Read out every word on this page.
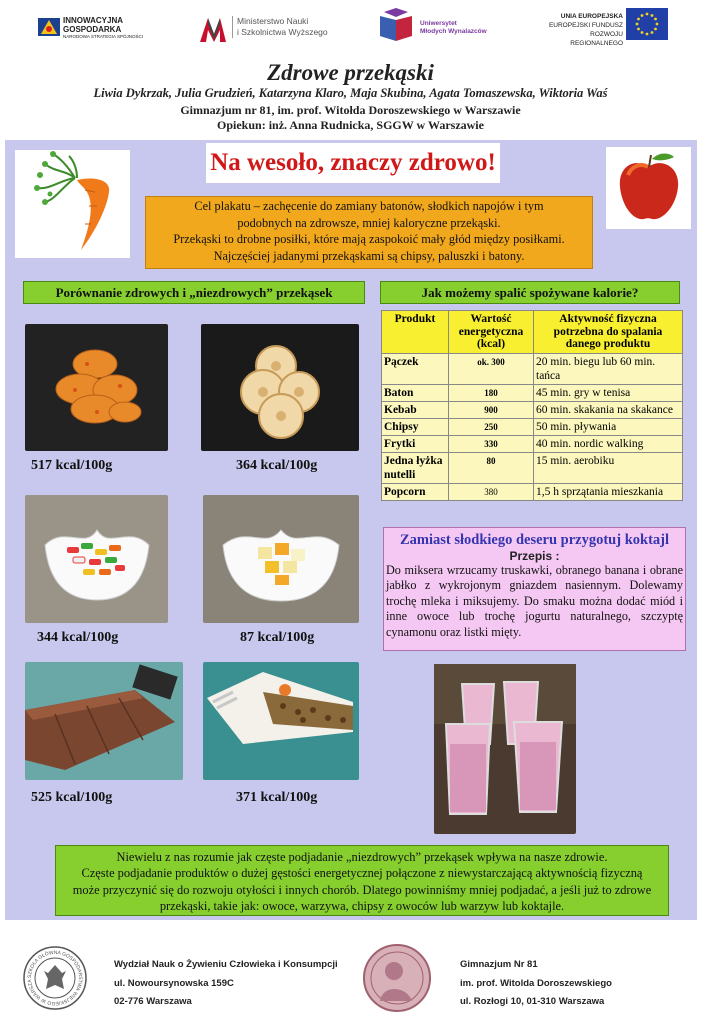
INNOWACYJNA
GOSPODARKA
NARODOWA STRATEGIA SPÓJNOŚCI
Ministerstwo Nauki
i Szkolnictwa Wyższego
Uniwersytet
Młodych Wynalazców
UNIA EUROPEJSKA
EUROPEJSKI FUNDUSZ
ROZWOJU REGIONALNEGO
Zdrowe przekąski
Liwia Dykrzak, Julia Grudzień, Katarzyna Klaro, Maja Skubina, Agata Tomaszewska, Wiktoria Waś
Gimnazjum nr 81, im. prof. Witołda Doroszewskiego w Warszawie
Opiekun: inż. Anna Rudnicka, SGGW w Warszawie
Na wesoło, znaczy zdrowo!
Cel plakatu – zachęcenie do zamiany batonów, słodkich napojów i tym
podobnych na zdrowsze, mniej kaloryczne przekąski.
Przekąski to drobne posiłki, które mają zaspokoić mały głód między posiłkami.
Najczęściej jadanymi przekąskami są chipsy, paluszki i batony.
Porównanie zdrowych i „niezdrowych” przekąsek	Jak możemy spalić spożywane kalorie?
517 kcal/100g	364 kcal/100g
344 kcal/100g	87 kcal/100g
525 kcal/100g	371 kcal/100g
Produkt	Wartość energetyczna (kcal)	Aktywność fizyczna potrzebna do spalania danego produktu
Pączek	ok. 300	20 min. biegu lub 60 min. tańca
Baton	180	45 min. gry w tenisa
Kebab	900	60 min. skakania na skakance
Chipsy	250	50 min. pływania
Frytki	330	40 min. nordic walking
Jedna łyżka nutelli	80	15 min. aerobiku
Popcorn	380	1,5 h sprzątania mieszkania
Zamiast słodkiego deseru przygotuj koktajl
Przepis :
Do miksera wrzucamy truskawki, obranego banana i obrane jabłko z wykrojonym gniazdem nasiennym. Dolewamy trochę mleka i miksujemy. Do smaku można dodać miód i inne owoce lub trochę jogurtu naturalnego, szczyptę cynamonu oraz listki mięty.
Niewielu z nas rozumie jak częste podjadanie „niezdrowych” przekąsek wpływa na nasze zdrowie.
Częste podjadanie produktów o dużej gęstości energetycznej połączone z niewystarczającą aktywnością fizyczną
może przyczynić się do rozwoju otyłości i innych chorób. Dlatego powinniśmy mniej podjadać, a jeśli już to zdrowe
przekąski, takie jak: owoce, warzywa, chipsy z owoców lub warzyw lub koktajle.
SZKOŁA GŁÓWNA GOSPODARSTWA WIEJSKIEGO W WARSZA
Wydział Nauk o Żywieniu Człowieka i Konsumpcji
ul. Nowoursynowska 159C
02-776 Warszawa
Gimnazjum Nr 81
im. prof. Witolda Doroszewskiego
ul. Rozłogi 10, 01-310 Warszawa
